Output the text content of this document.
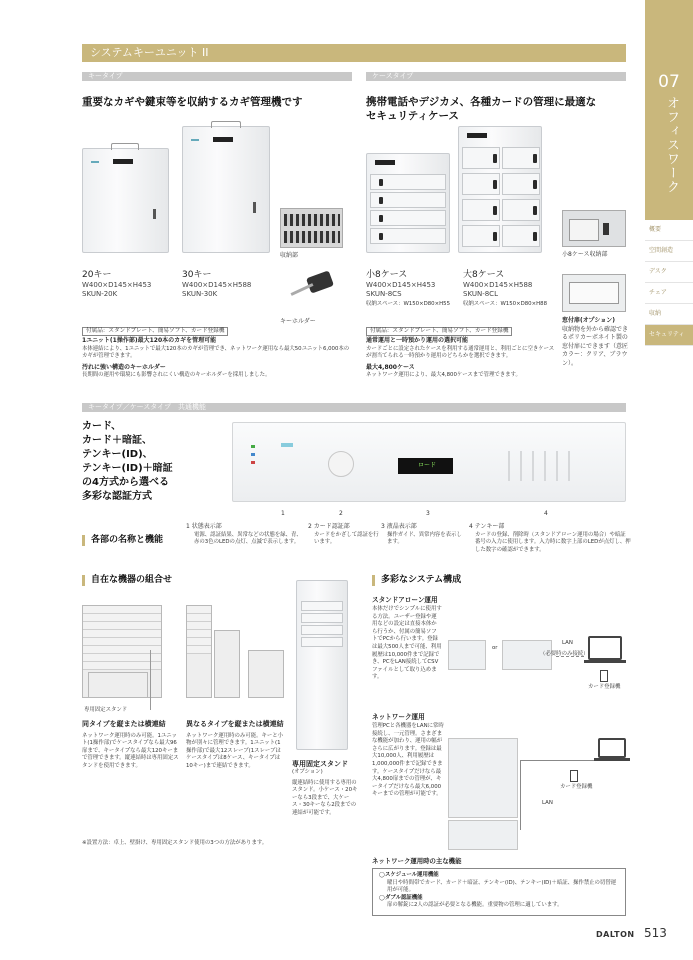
07
オフィスワーク
概要
空間創造
デスク
チェア
収納
セキュリティ
システムキーユニット II
キータイプ
重要なカギや鍵束等を収納するカギ管理機です
収納部
20キー
W400×D145×H453
SKUN-20K
30キー
W400×D145×H588
SKUN-30K
キーホルダー
付属品：スタンドプレート、簡易ソフト、カード登録機
1ユニット(1操作部)最大120本のカギを管理可能
本体連結により、1ユニットで最大120本のカギが管理でき、ネットワーク運用なら最大50ユニット6,000本のカギが管理できます。
汚れに強い構造のキーホルダー
長期間の運用や環境にも影響されにくい構造のキーホルダーを採用しました。
ケースタイプ
携帯電話やデジカメ、各種カードの管理に最適な
セキュリティケース
小8ケース収納部
小8ケース
W400×D145×H453
SKUN-8CS
収納スペース：W150×D80×H55
大8ケース
W400×D145×H588
SKUN-8CL
収納スペース：W150×D80×H88
窓付扉(オプション)
収納物を外から確認できるポリカーボネイト製の窓付扉にできます（意匠カラー：クリア、ブラウン）。
付属品：スタンドプレート、簡易ソフト、カード登録機
通常運用と一時預かり運用の選択可能
カードごとに設定されたケースを利用する通常運用と、利用ごとに空きケースが割当てられる一時預かり運用のどちらかを選択できます。
最大4,800ケース
ネットワーク運用により、最大4,800ケースまで管理できます。
キータイプ／ケースタイプ　共通機能
カード、
カード＋暗証、
テンキー(ID)、
テンキー(ID)＋暗証
の4方式から選べる
多彩な認証方式
ロード
1	2	3	4
各部の名称と機能
1 状態表示部
電源、認証結果、異常などの状態を緑、青、赤の3色のLEDの点灯、点滅で表示します。
2 カード認証部
カードをかざして認証を行います。
3 液晶表示部
操作ガイド、異常内容を表示します。
4 テンキー部
カードの登録、削除時（スタンドアローン運用の場合）や暗証番号の入力に使用します。入力時に数字上部のLEDが点灯し、押した数字の確認ができます。
自在な機器の組合せ
専用固定スタンド
同タイプを縦または横連結
ネットワーク運用時のみ可能。1ユニット(1操作部)でケースタイプなら最大96扉まで、キータイプなら最大120キーまで管理できます。縦連結時は専用固定スタンドを使用できます。
異なるタイプを縦または横連結
ネットワーク運用時のみ可能。キーと小物が別々に管理できます。1ユニット(1操作部)で最大12スレーブ(1スレーブはケースタイプは8ケース、キータイプは10キー)まで連結できます。	専用固定スタンド
(オプション)
縦連結時に使用する専用のスタンド。小ケース・20キーなら3段まで、大ケース・30キーなら2段までの連結が可能です。
※設置方法：卓上、壁掛け、専用固定スタンド使用の3つの方法があります。
多彩なシステム構成
スタンドアローン運用
本体だけでシンプルに使用する方法。ユーザー登録や運用などの設定は直接本体から行うか、付属の簡易ソフトでPCから行います。登録は最大500人まで可能、利用履歴は10,000件まで記録でき、PCをLAN接続してCSVファイルとして取り込めます。
or
LAN
（必要時のみ接続）
カード登録機
ネットワーク運用
管理PCと各機器をLANに常時接続し、一元管理。さまざまな機能が加わり、運用の幅がさらに広がります。登録は最大10,000人、利用履歴は1,000,000件まで記録できます。ケースタイプだけなら最大4,800扉までの管理が、キータイプだけなら最大6,000キーまでの管理が可能です。
カード登録機
LAN
ネットワーク運用時の主な機能
◯スケジュール運用機能
曜日や時間帯でカード、カード＋暗証、テンキー(ID)、テンキー(ID)＋暗証、操作禁止の切替運用が可能。
◯ダブル認証機能
扉の解錠に2人の認証が必要となる機能。重要物の管理に適しています。
DALTON 513
